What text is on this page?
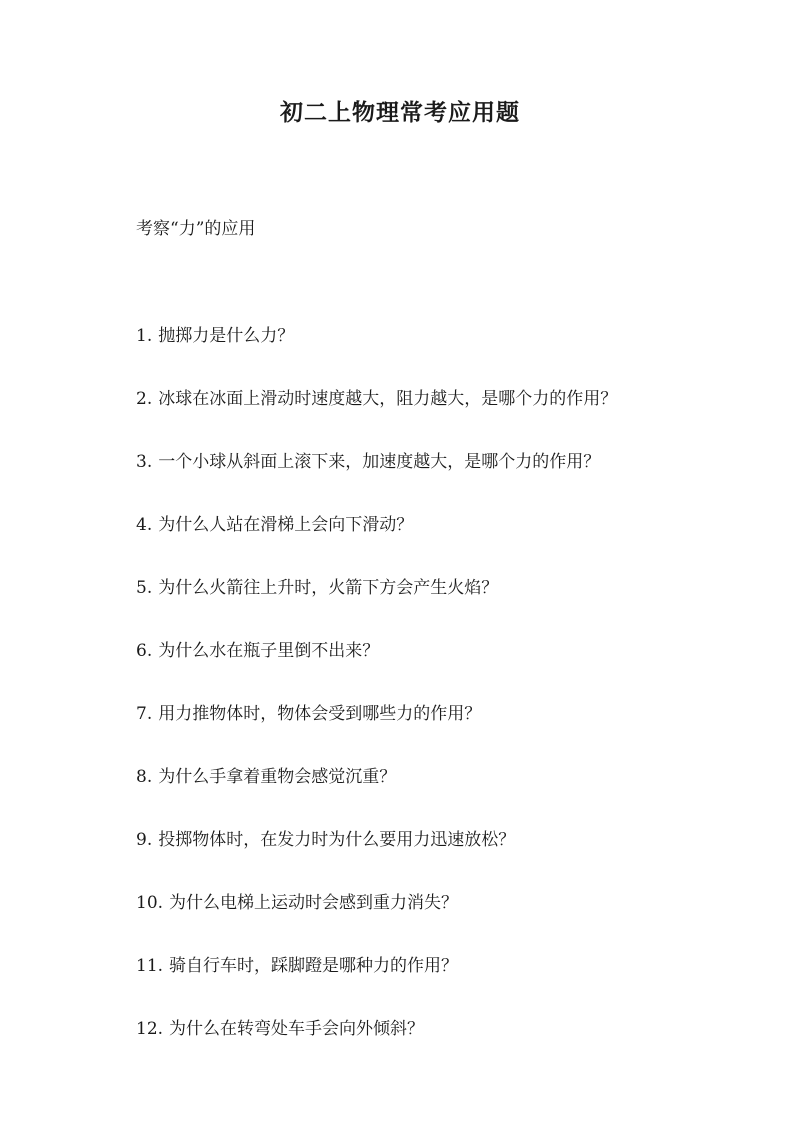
初二上物理常考应用题
考察“力”的应用
1. 抛掷力是什么力？
2. 冰球在冰面上滑动时速度越大，阻力越大，是哪个力的作用？
3. 一个小球从斜面上滚下来，加速度越大，是哪个力的作用？
4. 为什么人站在滑梯上会向下滑动？
5. 为什么火箭往上升时，火箭下方会产生火焰？
6. 为什么水在瓶子里倒不出来？
7. 用力推物体时，物体会受到哪些力的作用？
8. 为什么手拿着重物会感觉沉重？
9. 投掷物体时，在发力时为什么要用力迅速放松？
10. 为什么电梯上运动时会感到重力消失？
11. 骑自行车时，踩脚蹬是哪种力的作用？
12. 为什么在转弯处车手会向外倾斜？
